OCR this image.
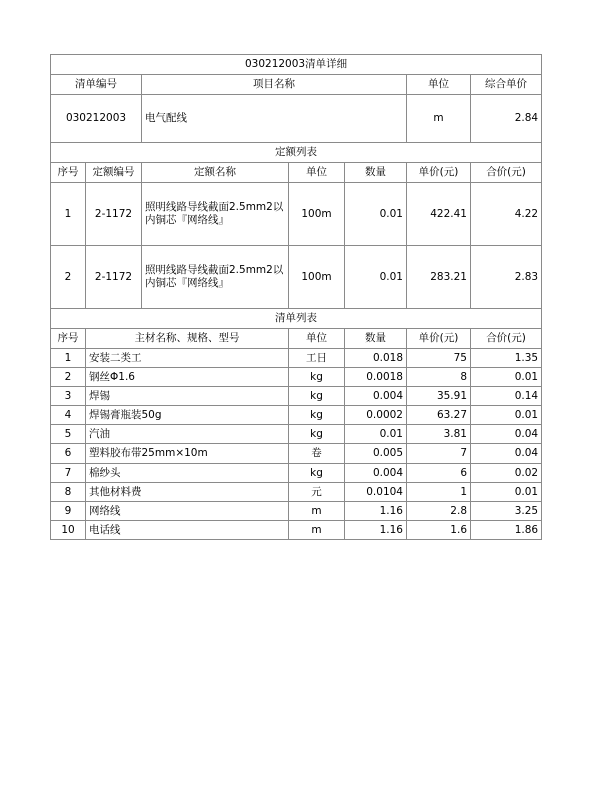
030212003清单详细						
清单编号		项目名称			单位	综合单价
030212003		电气配线			m	2.84
定额列表						
序号	定额编号	定额名称	单位	数量	单价(元)	合价(元)
1	2-1172	照明线路导线截面2.5mm2以内铜芯『网络线』	100m	0.01	422.41	4.22
2	2-1172	照明线路导线截面2.5mm2以内铜芯『网络线』	100m	0.01	283.21	2.83
清单列表						
序号	主材名称、规格、型号		单位	数量	单价(元)	合价(元)
1	安装二类工		工日	0.018	75	1.35
2	钢丝Φ1.6		kg	0.0018	8	0.01
3	焊锡		kg	0.004	35.91	0.14
4	焊锡膏瓶装50g		kg	0.0002	63.27	0.01
5	汽油		kg	0.01	3.81	0.04
6	塑料胶布带25mm×10m		卷	0.005	7	0.04
7	棉纱头		kg	0.004	6	0.02
8	其他材料费		元	0.0104	1	0.01
9	网络线		m	1.16	2.8	3.25
10	电话线		m	1.16	1.6	1.86
